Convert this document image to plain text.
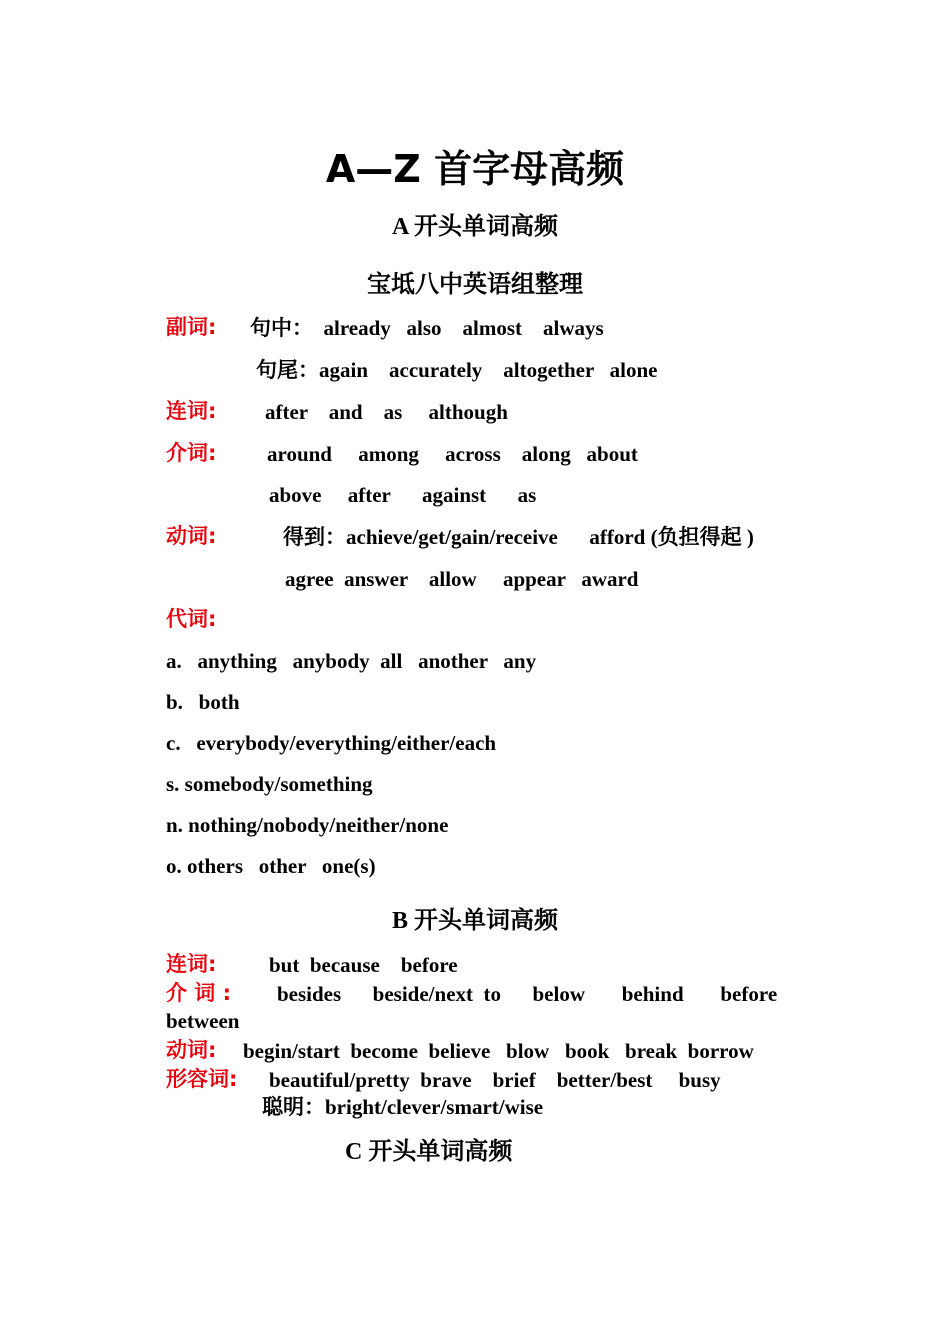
A—Z 首字母高频
A 开头单词高频
宝坻八中英语组整理
副词: 句中：  already   also    almost    always
句尾：again    accurately    altogether   alone
连词: after    and    as     although
介词: around     among     across    along   about
above     after      against      as
动词:	得到：achieve/get/gain/receive      afford (负担得起 )
agree  answer    allow     appear   award
代词:
a.   anything   anybody  all   another   any
b.   both
c.   everybody/everything/either/each
s. somebody/something
n. nothing/nobody/neither/none
o. others   other   one(s)
B 开头单词高频
连词:	but  because    before
介 词 : besides      beside/next  to      below       behind       before
between
动词: begin/start  become  believe   blow   book   break  borrow
形容词: beautiful/pretty  brave    brief    better/best     busy
聪明：bright/clever/smart/wise
C 开头单词高频
